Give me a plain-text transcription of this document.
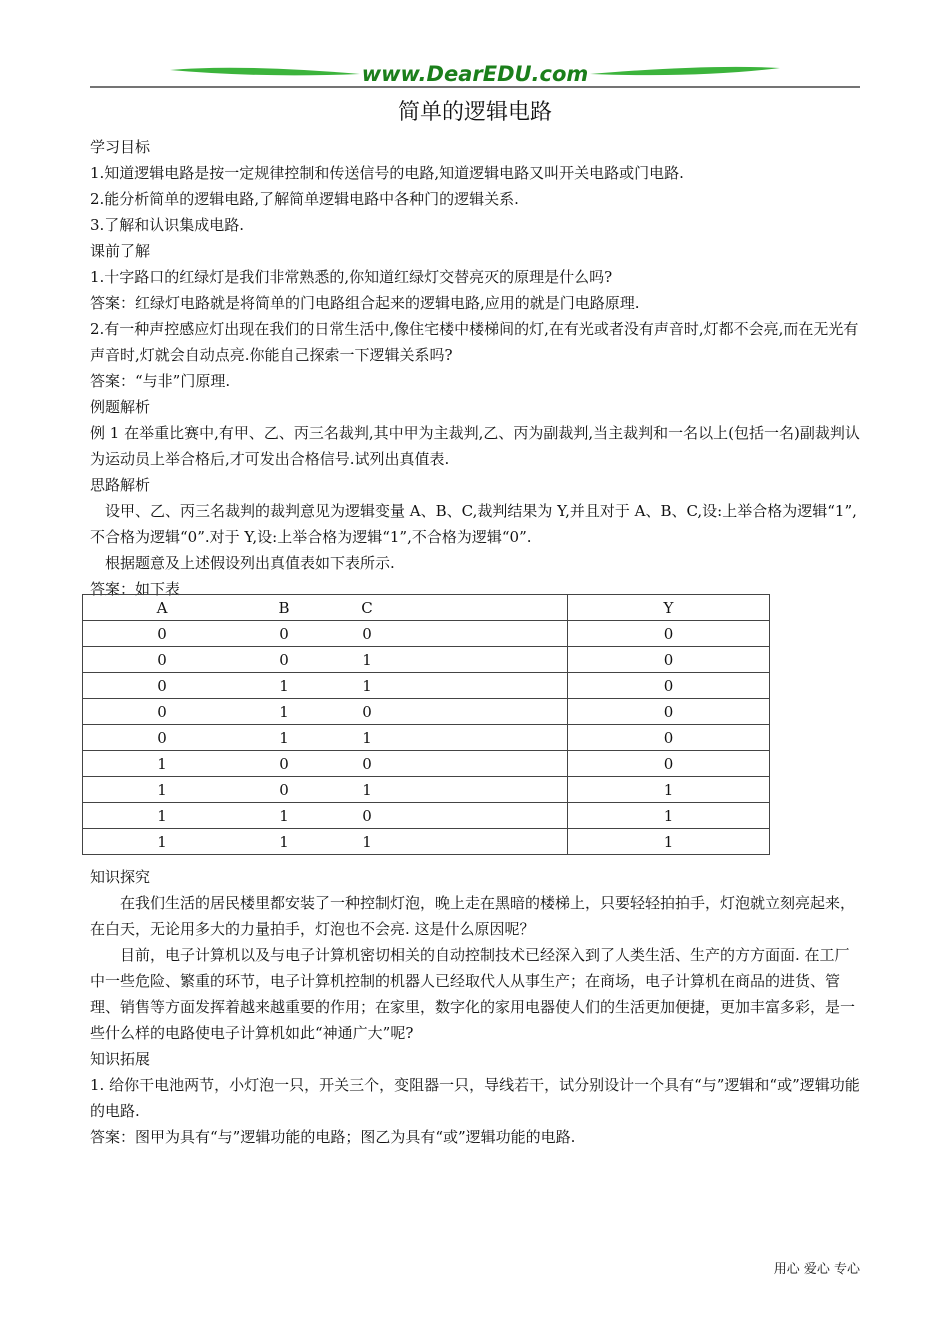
www.DearEDU.com
简单的逻辑电路

学习目标

1.知道逻辑电路是按一定规律控制和传送信号的电路,知道逻辑电路又叫开关电路或门电路.

2.能分析简单的逻辑电路,了解简单逻辑电路中各种门的逻辑关系.

3.了解和认识集成电路.

课前了解

1.十字路口的红绿灯是我们非常熟悉的,你知道红绿灯交替亮灭的原理是什么吗?

答案：红绿灯电路就是将简单的门电路组合起来的逻辑电路,应用的就是门电路原理.

2.有一种声控感应灯出现在我们的日常生活中,像住宅楼中楼梯间的灯,在有光或者没有声音时,灯都不会亮,而在无光有声音时,灯就会自动点亮.你能自己探索一下逻辑关系吗?

答案：“与非”门原理.

例题解析

例 1 在举重比赛中,有甲、乙、丙三名裁判,其中甲为主裁判,乙、丙为副裁判,当主裁判和一名以上(包括一名)副裁判认为运动员上举合格后,才可发出合格信号.试列出真值表.

思路解析

设甲、乙、丙三名裁判的裁判意见为逻辑变量 A、B、C,裁判结果为 Y,并且对于 A、B、C,设:上举合格为逻辑“1”,不合格为逻辑“0”.对于 Y,设:上举合格为逻辑“1”,不合格为逻辑“0”.

根据题意及上述假设列出真值表如下表所示.

答案：如下表

A B C	Y

0 0 0	0

0 0 1	0

0 1 1	0

0 1 0	0

0 1 1	0

1 0 0	0

1 0 1	1

1 1 0	1

1 1 1	1

知识探究

在我们生活的居民楼里都安装了一种控制灯泡，晚上走在黑暗的楼梯上，只要轻轻拍拍手，灯泡就立刻亮起来，在白天，无论用多大的力量拍手，灯泡也不会亮. 这是什么原因呢？

目前，电子计算机以及与电子计算机密切相关的自动控制技术已经深入到了人类生活、生产的方方面面. 在工厂中一些危险、繁重的环节，电子计算机控制的机器人已经取代人从事生产；在商场，电子计算机在商品的进货、管理、销售等方面发挥着越来越重要的作用；在家里，数字化的家用电器使人们的生活更加便捷，更加丰富多彩，是一些什么样的电路使电子计算机如此“神通广大”呢?

知识拓展

1. 给你干电池两节，小灯泡一只，开关三个，变阻器一只，导线若干，试分别设计一个具有“与”逻辑和“或”逻辑功能的电路.

答案：图甲为具有“与”逻辑功能的电路；图乙为具有“或”逻辑功能的电路.

用心 爱心 专心
